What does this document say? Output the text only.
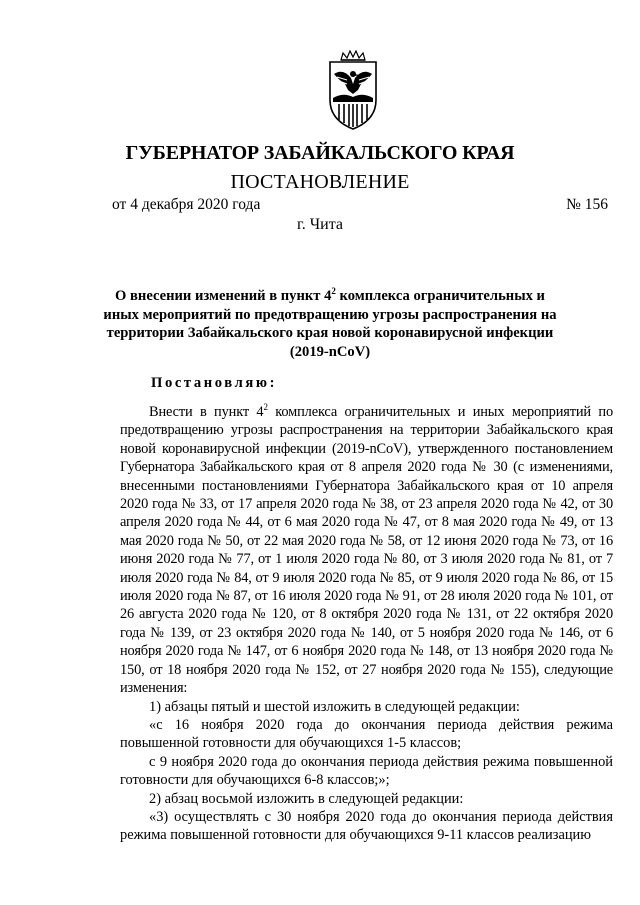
ГУБЕРНАТОР ЗАБАЙКАЛЬСКОГО КРАЯ
ПОСТАНОВЛЕНИЕ
от 4 декабря 2020 года	№ 156
г. Чита
О внесении изменений в пункт $4^2$ комплекса ограничительных и иных мероприятий по предотвращению угрозы распространения на территории Забайкальского края новой коронавирусной инфекции (2019-nCoV)
Постановляю:

Внести в пункт $4^2$ комплекса ограничительных и иных мероприятий по предотвращению угрозы распространения на территории Забайкальского края новой коронавирусной инфекции (2019-nCoV), утвержденного постановлением Губернатора Забайкальского края от 8 апреля 2020 года № 30 (с изменениями, внесенными постановлениями Губернатора Забайкальского края от 10 апреля 2020 года № 33, от 17 апреля 2020 года № 38, от 23 апреля 2020 года № 42, от 30 апреля 2020 года № 44, от 6 мая 2020 года № 47, от 8 мая 2020 года № 49, от 13 мая 2020 года № 50, от 22 мая 2020 года № 58, от 12 июня 2020 года № 73, от 16 июня 2020 года № 77, от 1 июля 2020 года № 80, от 3 июля 2020 года № 81, от 7 июля 2020 года № 84, от 9 июля 2020 года № 85, от 9 июля 2020 года № 86, от 15 июля 2020 года № 87, от 16 июля 2020 года № 91, от 28 июля 2020 года № 101, от 26 августа 2020 года № 120, от 8 октября 2020 года № 131, от 22 октября 2020 года № 139, от 23 октября 2020 года № 140, от 5 ноября 2020 года № 146, от 6 ноября 2020 года № 147, от 6 ноября 2020 года № 148, от 13 ноября 2020 года № 150, от 18 ноября 2020 года № 152, от 27 ноября 2020 года № 155), следующие изменения:

1) абзацы пятый и шестой изложить в следующей редакции:

«с 16 ноября 2020 года до окончания периода действия режима повышенной готовности для обучающихся 1-5 классов;

с 9 ноября 2020 года до окончания периода действия режима повышенной готовности для обучающихся 6-8 классов;»;

2) абзац восьмой изложить в следующей редакции:

«3) осуществлять с 30 ноября 2020 года до окончания периода действия режима повышенной готовности для обучающихся 9-11 классов реализацию
